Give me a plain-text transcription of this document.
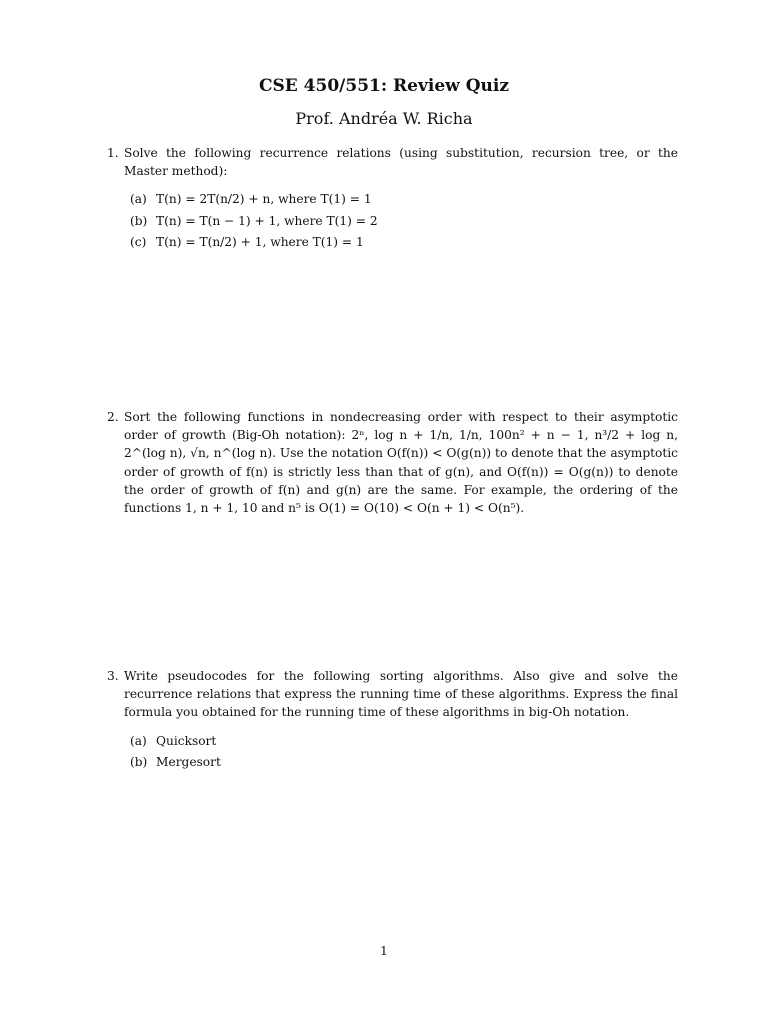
CSE 450/551: Review Quiz
Prof. Andréa W. Richa
1. Solve the following recurrence relations (using substitution, recursion tree, or the Master method):
(a) T(n) = 2T(n/2) + n, where T(1) = 1
(b) T(n) = T(n − 1) + 1, where T(1) = 2
(c) T(n) = T(n/2) + 1, where T(1) = 1
2. Sort the following functions in nondecreasing order with respect to their asymptotic order of growth (Big-Oh notation): 2ⁿ, log n + 1/n, 1/n, 100n² + n − 1, n³/2 + log n, 2^(log n), √n, n^(log n). Use the notation O(f(n)) < O(g(n)) to denote that the asymptotic order of growth of f(n) is strictly less than that of g(n), and O(f(n)) = O(g(n)) to denote the order of growth of f(n) and g(n) are the same. For example, the ordering of the functions 1, n + 1, 10 and n⁵ is O(1) = O(10) < O(n + 1) < O(n⁵).
3. Write pseudocodes for the following sorting algorithms. Also give and solve the recurrence relations that express the running time of these algorithms. Express the final formula you obtained for the running time of these algorithms in big-Oh notation.
(a) Quicksort
(b) Mergesort
1
